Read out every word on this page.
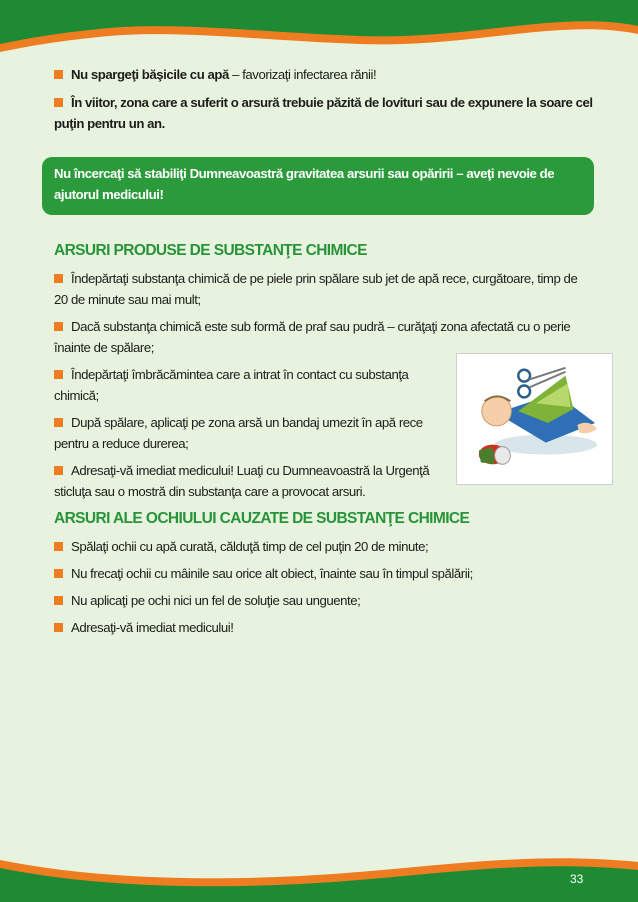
Nu spargeţi băşicile cu apă – favorizaţi infectarea rănii!
În viitor, zona care a suferit o arsură trebuie păzită de lovituri sau de expunere la soare cel puţin pentru un an.
Nu încercaţi să stabiliţi Dumneavoastră gravitatea arsurii sau opăririi – aveţi nevoie de ajutorul medicului!
ARSURI PRODUSE DE SUBSTANŢE CHIMICE
Îndepărtaţi substanţa chimică de pe piele prin spălare sub jet de apă rece, curgătoare, timp de 20 de minute sau mai mult;
Dacă substanţa chimică este sub formă de praf sau pudră – curăţaţi zona afectată cu o perie înainte de spălare;
Îndepărtaţi îmbrăcămintea care a intrat în contact cu substanţa chimică;
După spălare, aplicaţi pe zona arsă un bandaj umezit în apă rece pentru a reduce durerea;
Adresaţi-vă imediat medicului! Luaţi cu Dumneavoastră la Urgenţă sticluţa sau o mostră din substanţa care a provocat arsuri.
ARSURI ALE OCHIULUI CAUZATE DE SUBSTANŢE CHIMICE
Spălaţi ochii cu apă curată, călduţă timp de cel puţin 20 de minute;
Nu frecaţi ochii cu mâinile sau orice alt obiect, înainte sau în timpul spălării;
Nu aplicaţi pe ochi nici un fel de soluţie sau unguente;
Adresaţi-vă imediat medicului!
33
